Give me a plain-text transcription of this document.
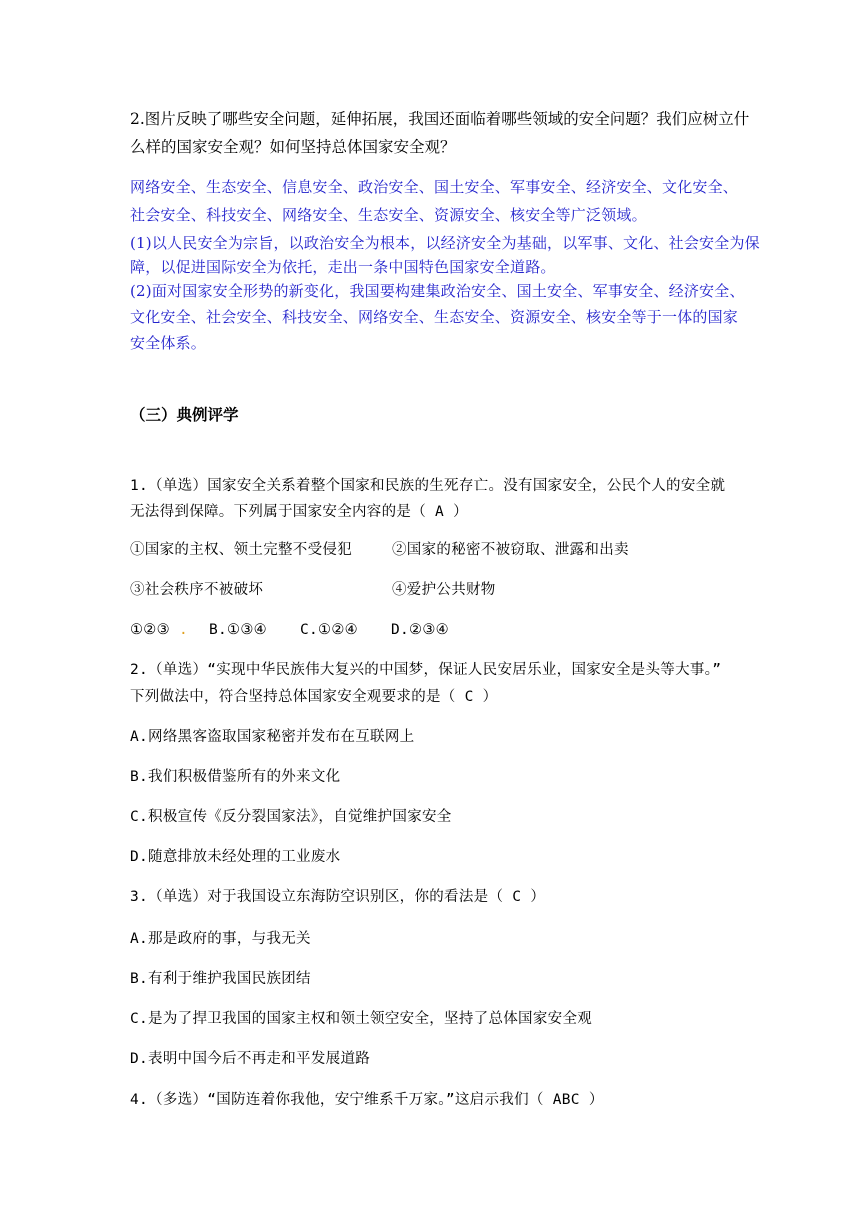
2.图片反映了哪些安全问题，延伸拓展，我国还面临着哪些领域的安全问题？我们应树立什
么样的国家安全观？如何坚持总体国家安全观？
网络安全、生态安全、信息安全、政治安全、国土安全、军事安全、经济安全、文化安全、
社会安全、科技安全、网络安全、生态安全、资源安全、核安全等广泛领域。
(1)以人民安全为宗旨，以政治安全为根本，以经济安全为基础，以军事、文化、社会安全为保
障，以促进国际安全为依托，走出一条中国特色国家安全道路。
(2)面对国家安全形势的新变化，我国要构建集政治安全、国土安全、军事安全、经济安全、
文化安全、社会安全、科技安全、网络安全、生态安全、资源安全、核安全等于一体的国家
安全体系。
（三）典例评学
1.（单选）国家安全关系着整个国家和民族的生死存亡。没有国家安全，公民个人的安全就
无法得到保障。下列属于国家安全内容的是（ A ）
①国家的主权、领土完整不受侵犯	②国家的秘密不被窃取、泄露和出卖
③社会秩序不被破坏	④爱护公共财物
①②③ . B.①③④ C.①②④ D.②③④
2.（单选）“实现中华民族伟大复兴的中国梦，保证人民安居乐业，国家安全是头等大事。”
下列做法中，符合坚持总体国家安全观要求的是（ C ）
A.网络黑客盗取国家秘密并发布在互联网上
B.我们积极借鉴所有的外来文化
C.积极宣传《反分裂国家法》，自觉维护国家安全
D.随意排放未经处理的工业废水
3.（单选）对于我国设立东海防空识别区，你的看法是（ C ）
A.那是政府的事，与我无关
B.有利于维护我国民族团结
C.是为了捍卫我国的国家主权和领土领空安全，坚持了总体国家安全观
D.表明中国今后不再走和平发展道路
4.（多选）“国防连着你我他，安宁维系千万家。”这启示我们（ ABC ）
